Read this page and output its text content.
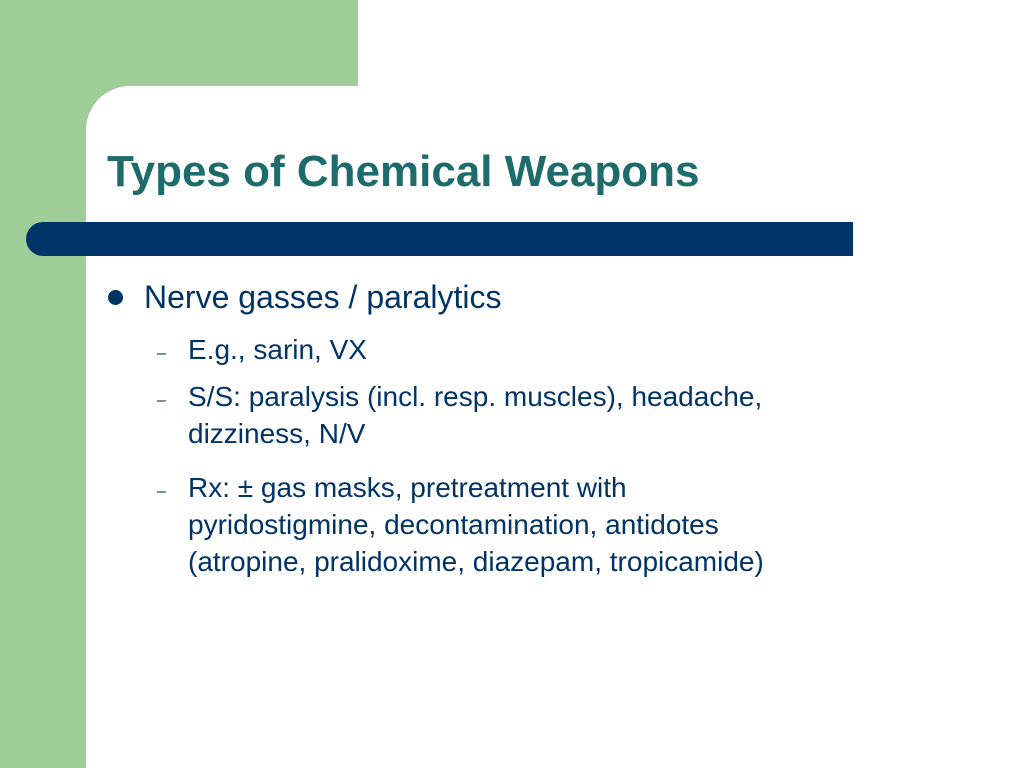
Types of Chemical Weapons
Nerve gasses / paralytics
– E.g., sarin, VX
– S/S: paralysis (incl. resp. muscles), headache,
dizziness, N/V
– Rx: ± gas masks, pretreatment with
pyridostigmine, decontamination, antidotes
(atropine, pralidoxime, diazepam, tropicamide)
